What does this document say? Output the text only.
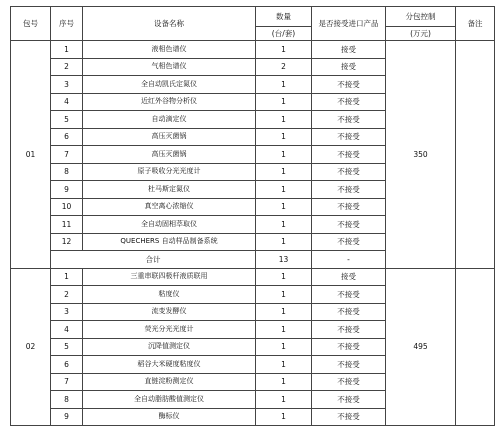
包号	序号	设备名称	数量	是否接受进口产品	分包控制	备注
			(台/套)		(万元)	
01	1	液相色谱仪	1	接受	350	
	2	气相色谱仪	2	接受		
	3	全自动凯氏定氮仪	1	不接受		
	4	近红外谷物分析仪	1	不接受		
	5	自动滴定仪	1	不接受		
	6	高压灭菌锅	1	不接受		
	7	高压灭菌锅	1	不接受		
	8	原子吸收分光光度计	1	不接受		
	9	杜马斯定氮仪	1	不接受		
	10	真空离心浓缩仪	1	不接受		
	11	全自动固相萃取仪	1	不接受		
	12	QUECHERS 自动样品制备系统	1	不接受		
	合计		13	-		
02	1	三重串联四极杆液质联用	1	接受	495	
	2	粘度仪	1	不接受		
	3	流变发酵仪	1	不接受		
	4	荧光分光光度计	1	不接受		
	5	沉降值测定仪	1	不接受		
	6	稻谷大米硬度粘度仪	1	不接受		
	7	直链淀粉测定仪	1	不接受		
	8	全自动脂肪酸值测定仪	1	不接受		
	9	酶标仪	1	不接受		
